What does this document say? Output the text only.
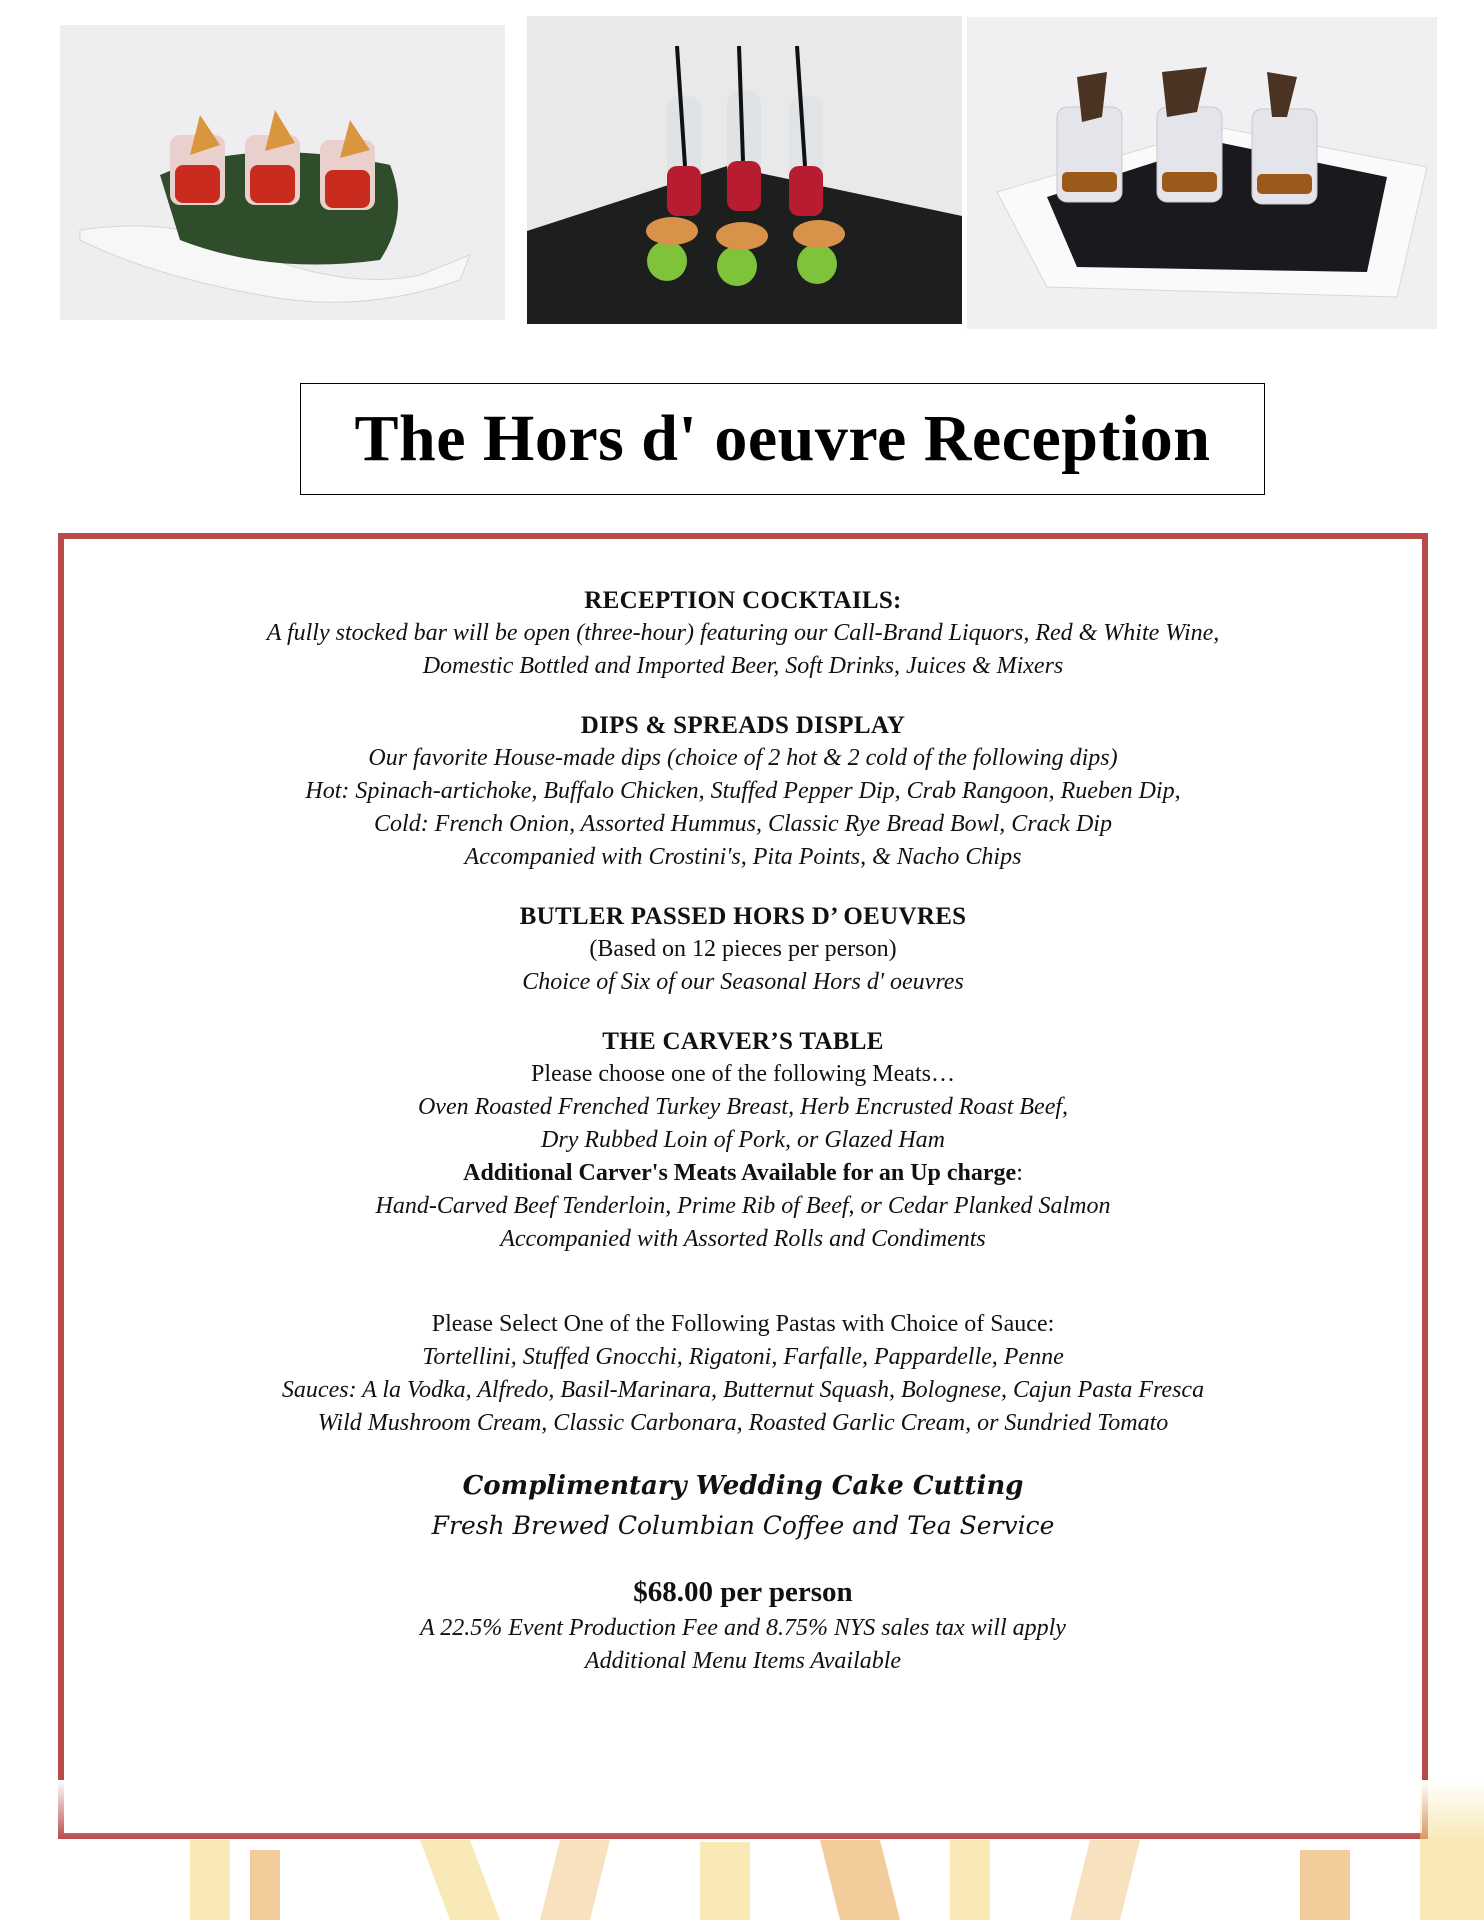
The Hors d' oeuvre Reception
RECEPTION COCKTAILS:
A fully stocked bar will be open (three-hour) featuring our Call-Brand Liquors, Red & White Wine,
Domestic Bottled and Imported Beer, Soft Drinks, Juices & Mixers
DIPS & SPREADS DISPLAY
Our favorite House-made dips (choice of 2 hot & 2 cold of the following dips)
Hot: Spinach-artichoke, Buffalo Chicken, Stuffed Pepper Dip, Crab Rangoon, Rueben Dip,
Cold: French Onion, Assorted Hummus, Classic Rye Bread Bowl, Crack Dip
Accompanied with Crostini's, Pita Points, & Nacho Chips
BUTLER PASSED HORS D’ OEUVRES
(Based on 12 pieces per person)
Choice of Six of our Seasonal Hors d' oeuvres
THE CARVER’S TABLE
Please choose one of the following Meats…
Oven Roasted Frenched Turkey Breast, Herb Encrusted Roast Beef,
Dry Rubbed Loin of Pork, or Glazed Ham
Additional Carver's Meats Available for an Up charge:
Hand-Carved Beef Tenderloin, Prime Rib of Beef, or Cedar Planked Salmon
Accompanied with Assorted Rolls and Condiments
Please Select One of the Following Pastas with Choice of Sauce:
Tortellini, Stuffed Gnocchi, Rigatoni, Farfalle, Pappardelle, Penne
Sauces: A la Vodka, Alfredo, Basil-Marinara, Butternut Squash, Bolognese, Cajun Pasta Fresca
Wild Mushroom Cream, Classic Carbonara, Roasted Garlic Cream, or Sundried Tomato
Complimentary Wedding Cake Cutting
Fresh Brewed Columbian Coffee and Tea Service
$68.00 per person
A 22.5% Event Production Fee and 8.75% NYS sales tax will apply
Additional Menu Items Available
